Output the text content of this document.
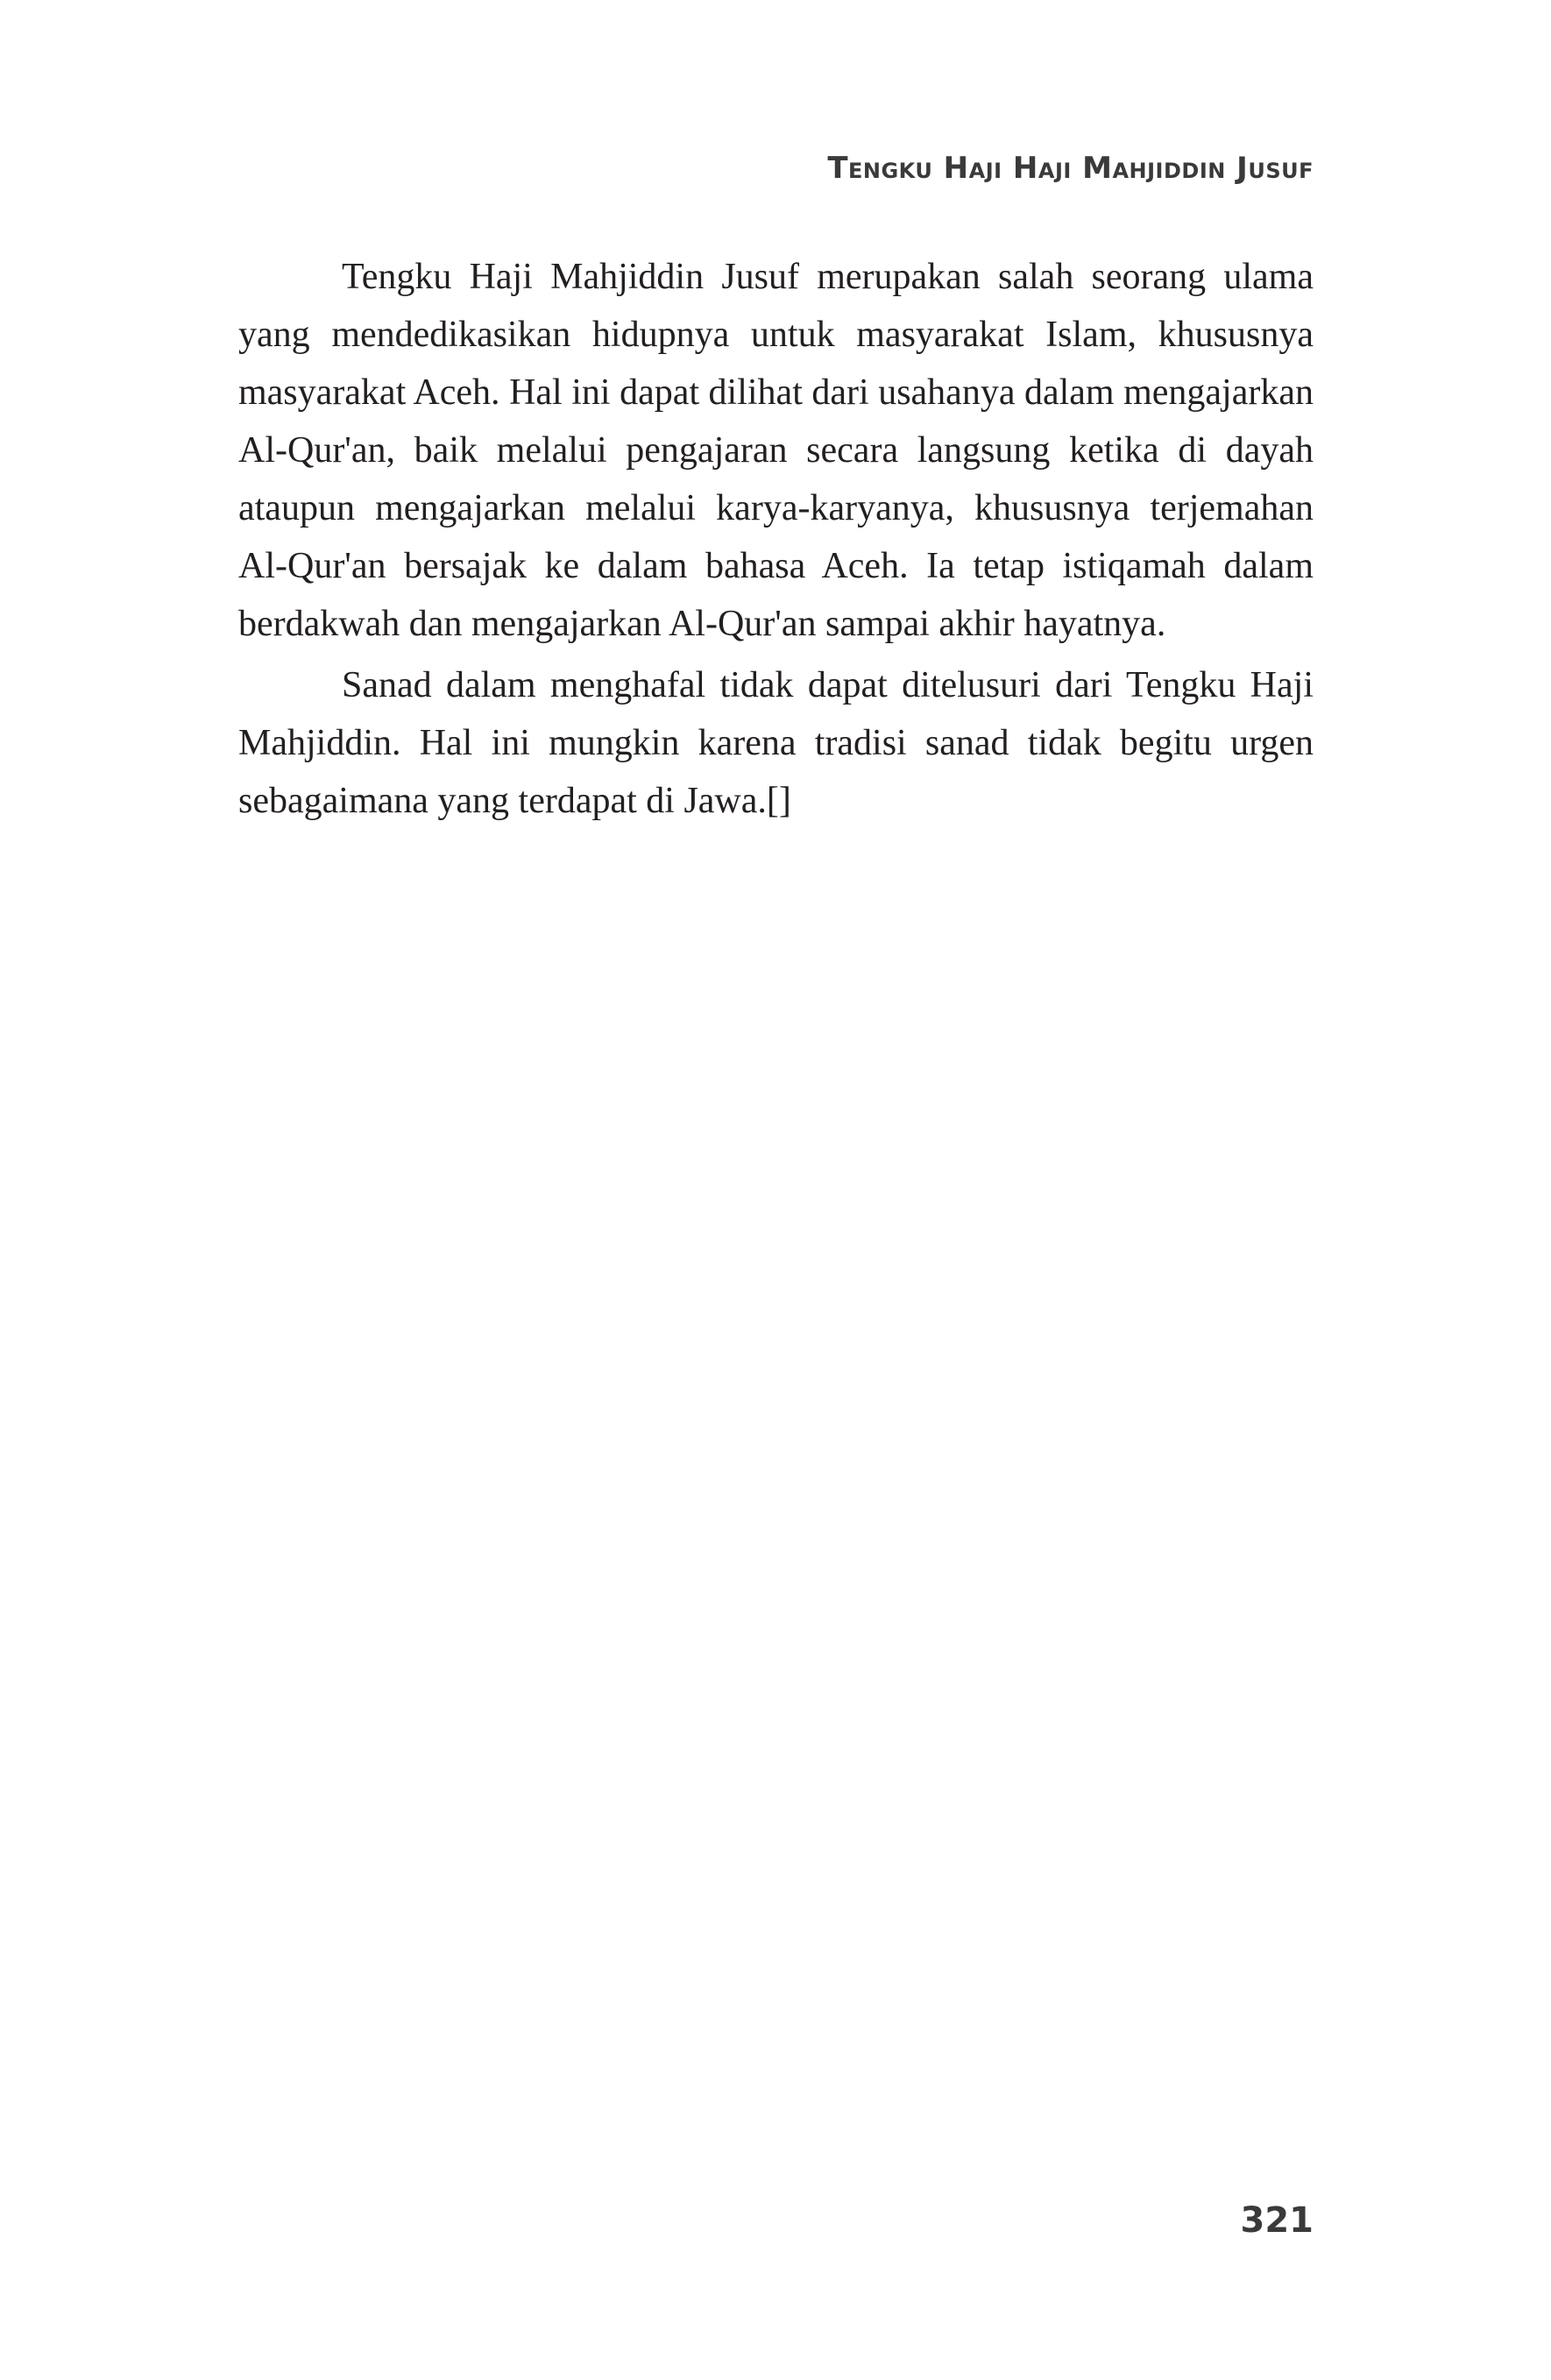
Tengku Haji Haji Mahjiddin Jusuf

Tengku Haji Mahjiddin Jusuf merupakan salah seorang ulama yang mendedikasikan hidupnya untuk masyarakat Islam, khususnya masyarakat Aceh. Hal ini dapat dilihat dari usahanya dalam mengajarkan Al-Qur'an, baik melalui pengajaran secara langsung ketika di dayah ataupun mengajarkan melalui karya-karyanya, khususnya terjemahan Al-Qur'an bersajak ke dalam bahasa Aceh. Ia tetap istiqamah dalam berdakwah dan mengajarkan Al-Qur'an sampai akhir hayatnya.

Sanad dalam menghafal tidak dapat ditelusuri dari Tengku Haji Mahjiddin. Hal ini mungkin karena tradisi sanad tidak begitu urgen sebagaimana yang terdapat di Jawa.[]

321
